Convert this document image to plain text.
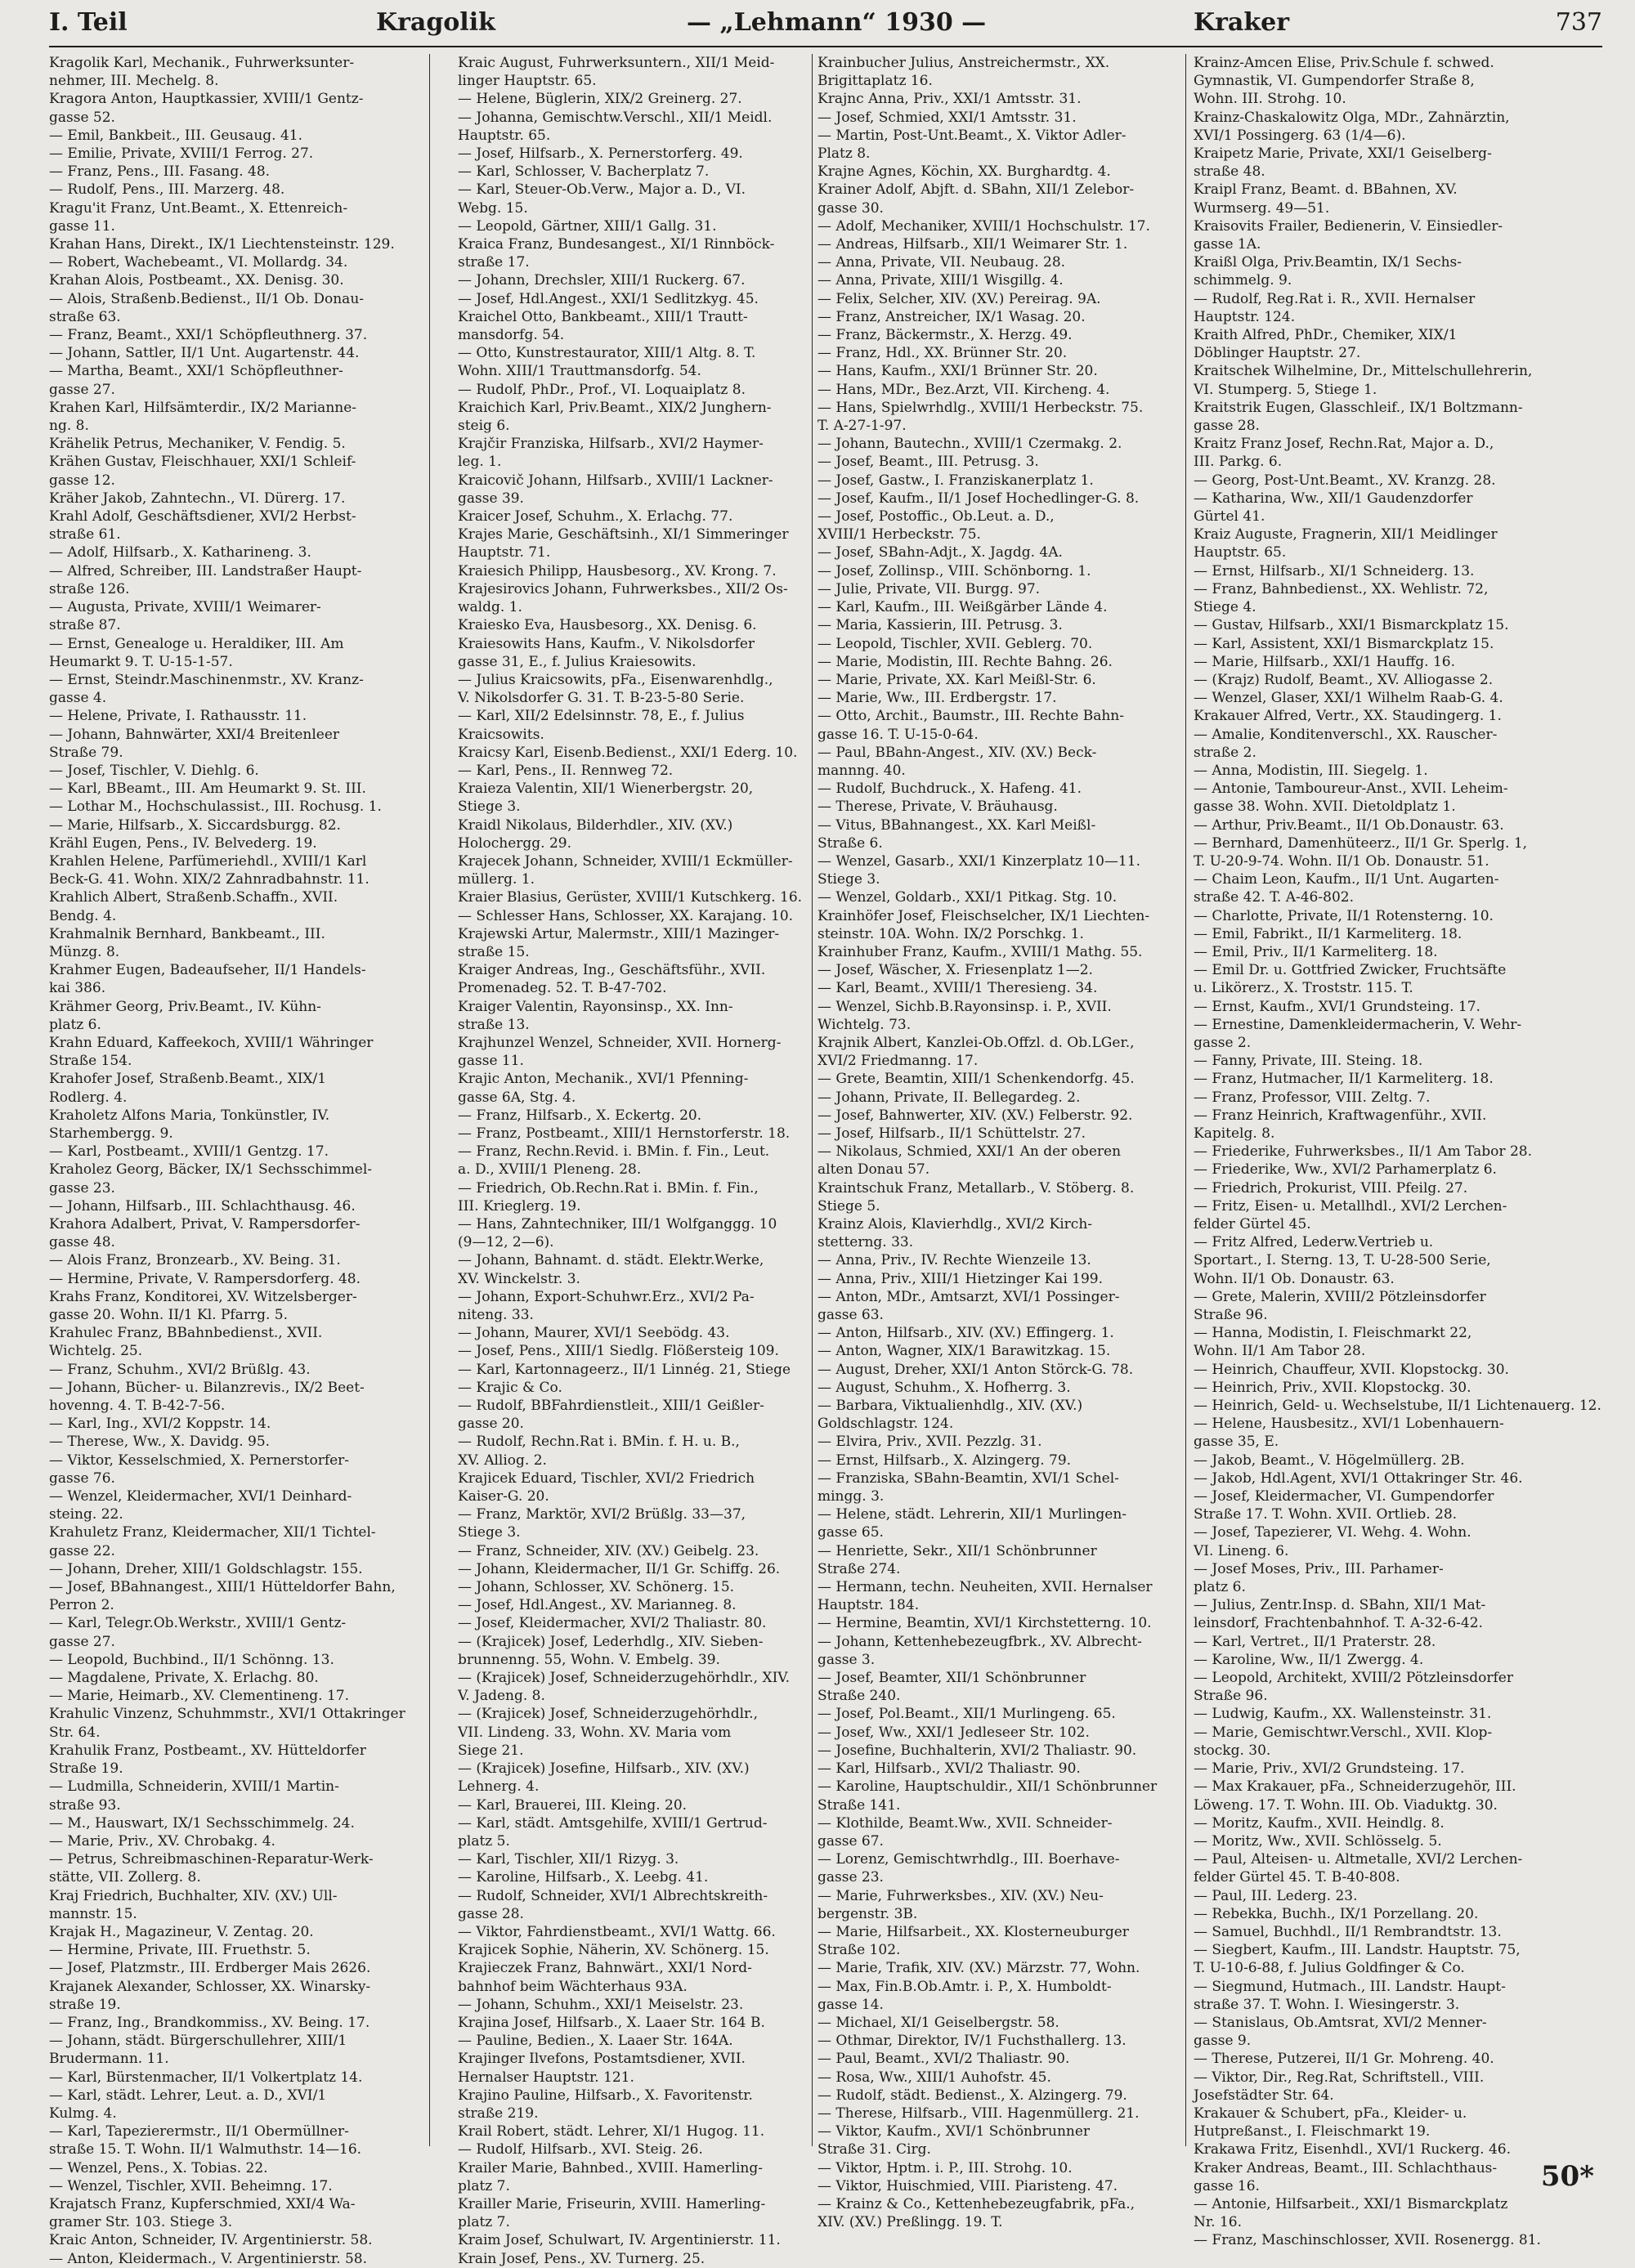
I. Teil	Kragolik	— „Lehmann“ 1930 —	Kraker	737

Kragolik Karl, Mechanik., Fuhrwerksunter-

nehmer, III. Mechelg. 8.

Kragora Anton, Hauptkassier, XVIII/1 Gentz-

gasse 52.

— Emil, Bankbeit., III. Geusaug. 41.

— Emilie, Private, XVIII/1 Ferrog. 27.

— Franz, Pens., III. Fasang. 48.

— Rudolf, Pens., III. Marzerg. 48.

Kragu'it Franz, Unt.Beamt., X. Ettenreich-

gasse 11.

Krahan Hans, Direkt., IX/1 Liechtensteinstr. 129.

— Robert, Wachebeamt., VI. Mollardg. 34.

Krahan Alois, Postbeamt., XX. Denisg. 30.

— Alois, Straßenb.Bedienst., II/1 Ob. Donau-

straße 63.

— Franz, Beamt., XXI/1 Schöpfleuthnerg. 37.

— Johann, Sattler, II/1 Unt. Augartenstr. 44.

— Martha, Beamt., XXI/1 Schöpfleuthner-

gasse 27.

Krahen Karl, Hilfsämterdir., IX/2 Marianne-

ng. 8.

Krähelik Petrus, Mechaniker, V. Fendig. 5.

Krähen Gustav, Fleischhauer, XXI/1 Schleif-

gasse 12.

Kräher Jakob, Zahntechn., VI. Dürerg. 17.

Krahl Adolf, Geschäftsdiener, XVI/2 Herbst-

straße 61.

— Adolf, Hilfsarb., X. Katharineng. 3.

— Alfred, Schreiber, III. Landstraßer Haupt-

straße 126.

— Augusta, Private, XVIII/1 Weimarer-

straße 87.

— Ernst, Genealoge u. Heraldiker, III. Am

Heumarkt 9. T. U-15-1-57.

— Ernst, Steindr.Maschinenmstr., XV. Kranz-

gasse 4.

— Helene, Private, I. Rathausstr. 11.

— Johann, Bahnwärter, XXI/4 Breitenleer

Straße 79.

— Josef, Tischler, V. Diehlg. 6.

— Karl, BBeamt., III. Am Heumarkt 9. St. III.

— Lothar M., Hochschulassist., III. Rochusg. 1.

— Marie, Hilfsarb., X. Siccardsburgg. 82.

Krähl Eugen, Pens., IV. Belvederg. 19.

Krahlen Helene, Parfümeriehdl., XVIII/1 Karl

Beck-G. 41. Wohn. XIX/2 Zahnradbahnstr. 11.

Krahlich Albert, Straßenb.Schaffn., XVII.

Bendg. 4.

Krahmalnik Bernhard, Bankbeamt., III.

Münzg. 8.

Krahmer Eugen, Badeaufseher, II/1 Handels-

kai 386.

Krähmer Georg, Priv.Beamt., IV. Kühn-

platz 6.

Krahn Eduard, Kaffeekoch, XVIII/1 Währinger

Straße 154.

Krahofer Josef, Straßenb.Beamt., XIX/1

Rodlerg. 4.

Kraholetz Alfons Maria, Tonkünstler, IV.

Starhembergg. 9.

— Karl, Postbeamt., XVIII/1 Gentzg. 17.

Kraholez Georg, Bäcker, IX/1 Sechsschimmel-

gasse 23.

— Johann, Hilfsarb., III. Schlachthausg. 46.

Krahora Adalbert, Privat, V. Rampersdorfer-

gasse 48.

— Alois Franz, Bronzearb., XV. Being. 31.

— Hermine, Private, V. Rampersdorferg. 48.

Krahs Franz, Konditorei, XV. Witzelsberger-

gasse 20. Wohn. II/1 Kl. Pfarrg. 5.

Krahulec Franz, BBahnbedienst., XVII.

Wichtelg. 25.

— Franz, Schuhm., XVI/2 Brüßlg. 43.

— Johann, Bücher- u. Bilanzrevis., IX/2 Beet-

hovenng. 4. T. B-42-7-56.

— Karl, Ing., XVI/2 Koppstr. 14.

— Therese, Ww., X. Davidg. 95.

— Viktor, Kesselschmied, X. Pernerstorfer-

gasse 76.

— Wenzel, Kleidermacher, XVI/1 Deinhard-

steing. 22.

Krahuletz Franz, Kleidermacher, XII/1 Tichtel-

gasse 22.

— Johann, Dreher, XIII/1 Goldschlagstr. 155.

— Josef, BBahnangest., XIII/1 Hütteldorfer Bahn,

Perron 2.

— Karl, Telegr.Ob.Werkstr., XVIII/1 Gentz-

gasse 27.

— Leopold, Buchbind., II/1 Schönng. 13.

— Magdalene, Private, X. Erlachg. 80.

— Marie, Heimarb., XV. Clementineng. 17.

Krahulic Vinzenz, Schuhmmstr., XVI/1 Ottakringer

Str. 64.

Krahulik Franz, Postbeamt., XV. Hütteldorfer

Straße 19.

— Ludmilla, Schneiderin, XVIII/1 Martin-

straße 93.

— M., Hauswart, IX/1 Sechsschimmelg. 24.

— Marie, Priv., XV. Chrobakg. 4.

— Petrus, Schreibmaschinen-Reparatur-Werk-

stätte, VII. Zollerg. 8.

Kraj Friedrich, Buchhalter, XIV. (XV.) Ull-

mannstr. 15.

Krajak H., Magazineur, V. Zentag. 20.

— Hermine, Private, III. Fruethstr. 5.

— Josef, Platzmstr., III. Erdberger Mais 2626.

Krajanek Alexander, Schlosser, XX. Winarsky-

straße 19.

— Franz, Ing., Brandkommiss., XV. Being. 17.

— Johann, städt. Bürgerschullehrer, XIII/1

Brudermann. 11.

— Karl, Bürstenmacher, II/1 Volkertplatz 14.

— Karl, städt. Lehrer, Leut. a. D., XVI/1

Kulmg. 4.

— Karl, Tapezierermstr., II/1 Obermüllner-

straße 15. T. Wohn. II/1 Walmuthstr. 14—16.

— Wenzel, Pens., X. Tobias. 22.

— Wenzel, Tischler, XVII. Beheimng. 17.

Krajatsch Franz, Kupferschmied, XXI/4 Wa-

gramer Str. 103. Stiege 3.

Kraic Anton, Schneider, IV. Argentinierstr. 58.

— Anton, Kleidermach., V. Argentinierstr. 58.

Kraic August, Fuhrwerksuntern., XII/1 Meid-

linger Hauptstr. 65.

— Helene, Büglerin, XIX/2 Greinerg. 27.

— Johanna, Gemischtw.Verschl., XII/1 Meidl.

Hauptstr. 65.

— Josef, Hilfsarb., X. Pernerstorferg. 49.

— Karl, Schlosser, V. Bacherplatz 7.

— Karl, Steuer-Ob.Verw., Major a. D., VI.

Webg. 15.

— Leopold, Gärtner, XIII/1 Gallg. 31.

Kraica Franz, Bundesangest., XI/1 Rinnböck-

straße 17.

— Johann, Drechsler, XIII/1 Ruckerg. 67.

— Josef, Hdl.Angest., XXI/1 Sedlitzkyg. 45.

Kraichel Otto, Bankbeamt., XIII/1 Trautt-

mansdorfg. 54.

— Otto, Kunstrestaurator, XIII/1 Altg. 8. T.

Wohn. XIII/1 Trauttmansdorfg. 54.

— Rudolf, PhDr., Prof., VI. Loquaiplatz 8.

Kraichich Karl, Priv.Beamt., XIX/2 Junghern-

steig 6.

Krajčir Franziska, Hilfsarb., XVI/2 Haymer-

leg. 1.

Kraicovič Johann, Hilfsarb., XVIII/1 Lackner-

gasse 39.

Kraicer Josef, Schuhm., X. Erlachg. 77.

Krajes Marie, Geschäftsinh., XI/1 Simmeringer

Hauptstr. 71.

Kraiesich Philipp, Hausbesorg., XV. Krong. 7.

Krajesirovics Johann, Fuhrwerksbes., XII/2 Os-

waldg. 1.

Kraiesko Eva, Hausbesorg., XX. Denisg. 6.

Kraiesowits Hans, Kaufm., V. Nikolsdorfer

gasse 31, E., f. Julius Kraiesowits.

— Julius Kraicsowits, pFa., Eisenwarenhdlg.,

V. Nikolsdorfer G. 31. T. B-23-5-80 Serie.

— Karl, XII/2 Edelsinnstr. 78, E., f. Julius

Kraicsowits.

Kraicsy Karl, Eisenb.Bedienst., XXI/1 Ederg. 10.

— Karl, Pens., II. Rennweg 72.

Kraieza Valentin, XII/1 Wienerbergstr. 20,

Stiege 3.

Kraidl Nikolaus, Bilderhdler., XIV. (XV.)

Holochergg. 29.

Krajecek Johann, Schneider, XVIII/1 Eckmüller-

müllerg. 1.

Kraier Blasius, Gerüster, XVIII/1 Kutschkerg. 16.

— Schlesser Hans, Schlosser, XX. Karajang. 10.

Krajewski Artur, Malermstr., XIII/1 Mazinger-

straße 15.

Kraiger Andreas, Ing., Geschäftsführ., XVII.

Promenadeg. 52. T. B-47-702.

Kraiger Valentin, Rayonsinsp., XX. Inn-

straße 13.

Krajhunzel Wenzel, Schneider, XVII. Hornerg-

gasse 11.

Krajic Anton, Mechanik., XVI/1 Pfenning-

gasse 6A, Stg. 4.

— Franz, Hilfsarb., X. Eckertg. 20.

— Franz, Postbeamt., XIII/1 Hernstorferstr. 18.

— Franz, Rechn.Revid. i. BMin. f. Fin., Leut.

a. D., XVIII/1 Pleneng. 28.

— Friedrich, Ob.Rechn.Rat i. BMin. f. Fin.,

III. Krieglerg. 19.

— Hans, Zahntechniker, III/1 Wolfganggg. 10

(9—12, 2—6).

— Johann, Bahnamt. d. städt. Elektr.Werke,

XV. Winckelstr. 3.

— Johann, Export-Schuhwr.Erz., XVI/2 Pa-

niteng. 33.

— Johann, Maurer, XVI/1 Seebödg. 43.

— Josef, Pens., XIII/1 Siedlg. Flößersteig 109.

— Karl, Kartonnageerz., II/1 Linnég. 21, Stiege

— Krajic & Co.

— Rudolf, BBFahrdienstleit., XIII/1 Geißler-

gasse 20.

— Rudolf, Rechn.Rat i. BMin. f. H. u. B.,

XV. Alliog. 2.

Krajicek Eduard, Tischler, XVI/2 Friedrich

Kaiser-G. 20.

— Franz, Marktör, XVI/2 Brüßlg. 33—37,

Stiege 3.

— Franz, Schneider, XIV. (XV.) Geibelg. 23.

— Johann, Kleidermacher, II/1 Gr. Schiffg. 26.

— Johann, Schlosser, XV. Schönerg. 15.

— Josef, Hdl.Angest., XV. Marianneg. 8.

— Josef, Kleidermacher, XVI/2 Thaliastr. 80.

— (Krajicek) Josef, Lederhdlg., XIV. Sieben-

brunnenng. 55, Wohn. V. Embelg. 39.

— (Krajicek) Josef, Schneiderzugehörhdlr., XIV.

V. Jadeng. 8.

— (Krajicek) Josef, Schneiderzugehörhdlr.,

VII. Lindeng. 33, Wohn. XV. Maria vom

Siege 21.

— (Krajicek) Josefine, Hilfsarb., XIV. (XV.)

Lehnerg. 4.

— Karl, Brauerei, III. Kleing. 20.

— Karl, städt. Amtsgehilfe, XVIII/1 Gertrud-

platz 5.

— Karl, Tischler, XII/1 Rizyg. 3.

— Karoline, Hilfsarb., X. Leebg. 41.

— Rudolf, Schneider, XVI/1 Albrechtskreith-

gasse 28.

— Viktor, Fahrdienstbeamt., XVI/1 Wattg. 66.

Krajicek Sophie, Näherin, XV. Schönerg. 15.

Krajieczek Franz, Bahnwärt., XXI/1 Nord-

bahnhof beim Wächterhaus 93A.

— Johann, Schuhm., XXI/1 Meiselstr. 23.

Krajina Josef, Hilfsarb., X. Laaer Str. 164 B.

— Pauline, Bedien., X. Laaer Str. 164A.

Krajinger Ilvefons, Postamtsdiener, XVII.

Hernalser Hauptstr. 121.

Krajino Pauline, Hilfsarb., X. Favoritenstr.

straße 219.

Krail Robert, städt. Lehrer, XI/1 Hugog. 11.

— Rudolf, Hilfsarb., XVI. Steig. 26.

Krailer Marie, Bahnbed., XVIII. Hamerling-

platz 7.

Krailler Marie, Friseurin, XVIII. Hamerling-

platz 7.

Kraim Josef, Schulwart, IV. Argentinierstr. 11.

Krain Josef, Pens., XV. Turnerg. 25.

Krainbucher Julius, Anstreichermstr., XX.

Brigittaplatz 16.

Krajnc Anna, Priv., XXI/1 Amtsstr. 31.

— Josef, Schmied, XXI/1 Amtsstr. 31.

— Martin, Post-Unt.Beamt., X. Viktor Adler-

Platz 8.

Krajne Agnes, Köchin, XX. Burghardtg. 4.

Krainer Adolf, Abjft. d. SBahn, XII/1 Zelebor-

gasse 30.

— Adolf, Mechaniker, XVIII/1 Hochschulstr. 17.

— Andreas, Hilfsarb., XII/1 Weimarer Str. 1.

— Anna, Private, VII. Neubaug. 28.

— Anna, Private, XIII/1 Wisgillg. 4.

— Felix, Selcher, XIV. (XV.) Pereirag. 9A.

— Franz, Anstreicher, IX/1 Wasag. 20.

— Franz, Bäckermstr., X. Herzg. 49.

— Franz, Hdl., XX. Brünner Str. 20.

— Hans, Kaufm., XXI/1 Brünner Str. 20.

— Hans, MDr., Bez.Arzt, VII. Kircheng. 4.

— Hans, Spielwrhdlg., XVIII/1 Herbeckstr. 75.

T. A-27-1-97.

— Johann, Bautechn., XVIII/1 Czermakg. 2.

— Josef, Beamt., III. Petrusg. 3.

— Josef, Gastw., I. Franziskanerplatz 1.

— Josef, Kaufm., II/1 Josef Hochedlinger-G. 8.

— Josef, Postoffic., Ob.Leut. a. D.,

XVIII/1 Herbeckstr. 75.

— Josef, SBahn-Adjt., X. Jagdg. 4A.

— Josef, Zollinsp., VIII. Schönborng. 1.

— Julie, Private, VII. Burgg. 97.

— Karl, Kaufm., III. Weißgärber Lände 4.

— Maria, Kassierin, III. Petrusg. 3.

— Leopold, Tischler, XVII. Geblerg. 70.

— Marie, Modistin, III. Rechte Bahng. 26.

— Marie, Private, XX. Karl Meißl-Str. 6.

— Marie, Ww., III. Erdbergstr. 17.

— Otto, Archit., Baumstr., III. Rechte Bahn-

gasse 16. T. U-15-0-64.

— Paul, BBahn-Angest., XIV. (XV.) Beck-

mannng. 40.

— Rudolf, Buchdruck., X. Hafeng. 41.

— Therese, Private, V. Bräuhausg.

— Vitus, BBahnangest., XX. Karl Meißl-

Straße 6.

— Wenzel, Gasarb., XXI/1 Kinzerplatz 10—11.

Stiege 3.

— Wenzel, Goldarb., XXI/1 Pitkag. Stg. 10.

Krainhöfer Josef, Fleischselcher, IX/1 Liechten-

steinstr. 10A. Wohn. IX/2 Porschkg. 1.

Krainhuber Franz, Kaufm., XVIII/1 Mathg. 55.

— Josef, Wäscher, X. Friesenplatz 1—2.

— Karl, Beamt., XVIII/1 Theresieng. 34.

— Wenzel, Sichb.B.Rayonsinsp. i. P., XVII.

Wichtelg. 73.

Krajnik Albert, Kanzlei-Ob.Offzl. d. Ob.LGer.,

XVI/2 Friedmanng. 17.

— Grete, Beamtin, XIII/1 Schenkendorfg. 45.

— Johann, Private, II. Bellegardeg. 2.

— Josef, Bahnwerter, XIV. (XV.) Felberstr. 92.

— Josef, Hilfsarb., II/1 Schüttelstr. 27.

— Nikolaus, Schmied, XXI/1 An der oberen

alten Donau 57.

Kraintschuk Franz, Metallarb., V. Stöberg. 8.

Stiege 5.

Krainz Alois, Klavierhdlg., XVI/2 Kirch-

stetterng. 33.

— Anna, Priv., IV. Rechte Wienzeile 13.

— Anna, Priv., XIII/1 Hietzinger Kai 199.

— Anton, MDr., Amtsarzt, XVI/1 Possinger-

gasse 63.

— Anton, Hilfsarb., XIV. (XV.) Effingerg. 1.

— Anton, Wagner, XIX/1 Barawitzkag. 15.

— August, Dreher, XXI/1 Anton Störck-G. 78.

— August, Schuhm., X. Hofherrg. 3.

— Barbara, Viktualienhdlg., XIV. (XV.)

Goldschlagstr. 124.

— Elvira, Priv., XVII. Pezzlg. 31.

— Ernst, Hilfsarb., X. Alzingerg. 79.

— Franziska, SBahn-Beamtin, XVI/1 Schel-

mingg. 3.

— Helene, städt. Lehrerin, XII/1 Murlingen-

gasse 65.

— Henriette, Sekr., XII/1 Schönbrunner

Straße 274.

— Hermann, techn. Neuheiten, XVII. Hernalser

Hauptstr. 184.

— Hermine, Beamtin, XVI/1 Kirchstetterng. 10.

— Johann, Kettenhebezeugfbrk., XV. Albrecht-

gasse 3.

— Josef, Beamter, XII/1 Schönbrunner

Straße 240.

— Josef, Pol.Beamt., XII/1 Murlingeng. 65.

— Josef, Ww., XXI/1 Jedleseer Str. 102.

— Josefine, Buchhalterin, XVI/2 Thaliastr. 90.

— Karl, Hilfsarb., XVI/2 Thaliastr. 90.

— Karoline, Hauptschuldir., XII/1 Schönbrunner

Straße 141.

— Klothilde, Beamt.Ww., XVII. Schneider-

gasse 67.

— Lorenz, Gemischtwrhdlg., III. Boerhave-

gasse 23.

— Marie, Fuhrwerksbes., XIV. (XV.) Neu-

bergenstr. 3B.

— Marie, Hilfsarbeit., XX. Klosterneuburger

Straße 102.

— Marie, Trafik, XIV. (XV.) Märzstr. 77, Wohn.

— Max, Fin.B.Ob.Amtr. i. P., X. Humboldt-

gasse 14.

— Michael, XI/1 Geiselbergstr. 58.

— Othmar, Direktor, IV/1 Fuchsthallerg. 13.

— Paul, Beamt., XVI/2 Thaliastr. 90.

— Rosa, Ww., XIII/1 Auhofstr. 45.

— Rudolf, städt. Bedienst., X. Alzingerg. 79.

— Therese, Hilfsarb., VIII. Hagenmüllerg. 21.

— Viktor, Kaufm., XVI/1 Schönbrunner

Straße 31. Cirg.

— Viktor, Hptm. i. P., III. Strohg. 10.

— Viktor, Huischmied, VIII. Piaristeng. 47.

— Krainz & Co., Kettenhebezeugfabrik, pFa.,

XIV. (XV.) Preßlingg. 19. T.

Krainz-Amcen Elise, Priv.Schule f. schwed.

Gymnastik, VI. Gumpendorfer Straße 8,

Wohn. III. Strohg. 10.

Krainz-Chaskalowitz Olga, MDr., Zahnärztin,

XVI/1 Possingerg. 63 (1/4—6).

Kraipetz Marie, Private, XXI/1 Geiselberg-

straße 48.

Kraipl Franz, Beamt. d. BBahnen, XV.

Wurmserg. 49—51.

Kraisovits Frailer, Bedienerin, V. Einsiedler-

gasse 1A.

Kraißl Olga, Priv.Beamtin, IX/1 Sechs-

schimmelg. 9.

— Rudolf, Reg.Rat i. R., XVII. Hernalser

Hauptstr. 124.

Kraith Alfred, PhDr., Chemiker, XIX/1

Döblinger Hauptstr. 27.

Kraitschek Wilhelmine, Dr., Mittelschullehrerin,

VI. Stumperg. 5, Stiege 1.

Kraitstrik Eugen, Glasschleif., IX/1 Boltzmann-

gasse 28.

Kraitz Franz Josef, Rechn.Rat, Major a. D.,

III. Parkg. 6.

— Georg, Post-Unt.Beamt., XV. Kranzg. 28.

— Katharina, Ww., XII/1 Gaudenzdorfer

Gürtel 41.

Kraiz Auguste, Fragnerin, XII/1 Meidlinger

Hauptstr. 65.

— Ernst, Hilfsarb., XI/1 Schneiderg. 13.

— Franz, Bahnbedienst., XX. Wehlistr. 72,

Stiege 4.

— Gustav, Hilfsarb., XXI/1 Bismarckplatz 15.

— Karl, Assistent, XXI/1 Bismarckplatz 15.

— Marie, Hilfsarb., XXI/1 Hauffg. 16.

— (Krajz) Rudolf, Beamt., XV. Alliogasse 2.

— Wenzel, Glaser, XXI/1 Wilhelm Raab-G. 4.

Krakauer Alfred, Vertr., XX. Staudingerg. 1.

— Amalie, Konditenverschl., XX. Rauscher-

straße 2.

— Anna, Modistin, III. Siegelg. 1.

— Antonie, Tamboureur-Anst., XVII. Leheim-

gasse 38. Wohn. XVII. Dietoldplatz 1.

— Arthur, Priv.Beamt., II/1 Ob.Donaustr. 63.

— Bernhard, Damenhüteerz., II/1 Gr. Sperlg. 1,

T. U-20-9-74. Wohn. II/1 Ob. Donaustr. 51.

— Chaim Leon, Kaufm., II/1 Unt. Augarten-

straße 42. T. A-46-802.

— Charlotte, Private, II/1 Rotensterng. 10.

— Emil, Fabrikt., II/1 Karmeliterg. 18.

— Emil, Priv., II/1 Karmeliterg. 18.

— Emil Dr. u. Gottfried Zwicker, Fruchtsäfte

u. Likörerz., X. Troststr. 115. T.

— Ernst, Kaufm., XVI/1 Grundsteing. 17.

— Ernestine, Damenkleidermacherin, V. Wehr-

gasse 2.

— Fanny, Private, III. Steing. 18.

— Franz, Hutmacher, II/1 Karmeliterg. 18.

— Franz, Professor, VIII. Zeltg. 7.

— Franz Heinrich, Kraftwagenführ., XVII.

Kapitelg. 8.

— Friederike, Fuhrwerksbes., II/1 Am Tabor 28.

— Friederike, Ww., XVI/2 Parhamerplatz 6.

— Friedrich, Prokurist, VIII. Pfeilg. 27.

— Fritz, Eisen- u. Metallhdl., XVI/2 Lerchen-

felder Gürtel 45.

— Fritz Alfred, Lederw.Vertrieb u.

Sportart., I. Sterng. 13, T. U-28-500 Serie,

Wohn. II/1 Ob. Donaustr. 63.

— Grete, Malerin, XVIII/2 Pötzleinsdorfer

Straße 96.

— Hanna, Modistin, I. Fleischmarkt 22,

Wohn. II/1 Am Tabor 28.

— Heinrich, Chauffeur, XVII. Klopstockg. 30.

— Heinrich, Priv., XVII. Klopstockg. 30.

— Heinrich, Geld- u. Wechselstube, II/1 Lichtenauerg. 12.

— Helene, Hausbesitz., XVI/1 Lobenhauern-

gasse 35, E.

— Jakob, Beamt., V. Högelmüllerg. 2B.

— Jakob, Hdl.Agent, XVI/1 Ottakringer Str. 46.

— Josef, Kleidermacher, VI. Gumpendorfer

Straße 17. T. Wohn. XVII. Ortlieb. 28.

— Josef, Tapezierer, VI. Wehg. 4. Wohn.

VI. Lineng. 6.

— Josef Moses, Priv., III. Parhamer-

platz 6.

— Julius, Zentr.Insp. d. SBahn, XII/1 Mat-

leinsdorf, Frachtenbahnhof. T. A-32-6-42.

— Karl, Vertret., II/1 Praterstr. 28.

— Karoline, Ww., II/1 Zwergg. 4.

— Leopold, Architekt, XVIII/2 Pötzleinsdorfer

Straße 96.

— Ludwig, Kaufm., XX. Wallensteinstr. 31.

— Marie, Gemischtwr.Verschl., XVII. Klop-

stockg. 30.

— Marie, Priv., XVI/2 Grundsteing. 17.

— Max Krakauer, pFa., Schneiderzugehör, III.

Löweng. 17. T. Wohn. III. Ob. Viaduktg. 30.

— Moritz, Kaufm., XVII. Heindlg. 8.

— Moritz, Ww., XVII. Schlösselg. 5.

— Paul, Alteisen- u. Altmetalle, XVI/2 Lerchen-

felder Gürtel 45. T. B-40-808.

— Paul, III. Lederg. 23.

— Rebekka, Buchh., IX/1 Porzellang. 20.

— Samuel, Buchhdl., II/1 Rembrandtstr. 13.

— Siegbert, Kaufm., III. Landstr. Hauptstr. 75,

T. U-10-6-88, f. Julius Goldfinger & Co.

— Siegmund, Hutmach., III. Landstr. Haupt-

straße 37. T. Wohn. I. Wiesingerstr. 3.

— Stanislaus, Ob.Amtsrat, XVI/2 Menner-

gasse 9.

— Therese, Putzerei, II/1 Gr. Mohreng. 40.

— Viktor, Dir., Reg.Rat, Schriftstell., VIII.

Josefstädter Str. 64.

Krakauer & Schubert, pFa., Kleider- u.

Hutpreßanst., I. Fleischmarkt 19.

Krakawa Fritz, Eisenhdl., XVI/1 Ruckerg. 46.

Kraker Andreas, Beamt., III. Schlachthaus-

gasse 16.

— Antonie, Hilfsarbeit., XXI/1 Bismarckplatz

Nr. 16.

— Franz, Maschinschlosser, XVII. Rosenergg. 81.

50*
